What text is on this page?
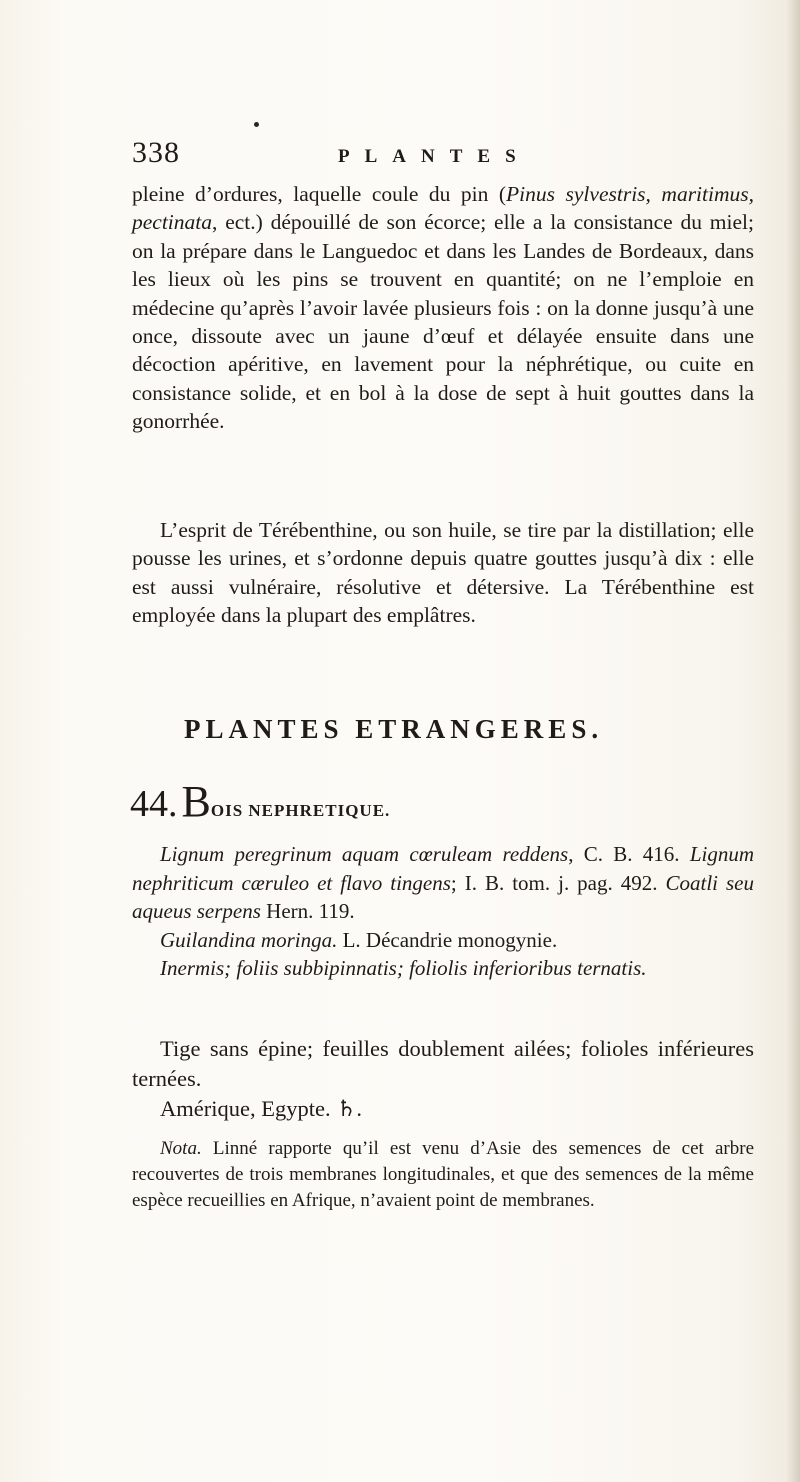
338	PLANTES

pleine d’ordures, laquelle coule du pin (Pinus sylvestris, maritimus, pectinata, ect.) dépouillé de son écorce; elle a la consistance du miel; on la prépare dans le Languedoc et dans les Landes de Bordeaux, dans les lieux où les pins se trouvent en quantité; on ne l’emploie en médecine qu’après l’avoir lavée plusieurs fois : on la donne jusqu’à une once, dissoute avec un jaune d’œuf et délayée ensuite dans une décoction apéritive, en lavement pour la néphrétique, ou cuite en consistance solide, et en bol à la dose de sept à huit gouttes dans la gonorrhée.

L’esprit de Térébenthine, ou son huile, se tire par la distillation; elle pousse les urines, et s’ordonne depuis quatre gouttes jusqu’à dix : elle est aussi vulnéraire, résolutive et détersive. La Térébenthine est employée dans la plupart des emplâtres.

PLANTES ETRANGERES.
44. BOIS NEPHRETIQUE.

Lignum peregrinum aquam cœruleam reddens, C. B. 416. Lignum nephriticum cæruleo et flavo tingens; I. B. tom. j. pag. 492. Coatli seu aqueus serpens Hern. 119.

Guilandina moringa. L. Décandrie monogynie.

Inermis; foliis subbipinnatis; foliolis inferioribus ternatis.

Tige sans épine; feuilles doublement ailées; folioles inférieures ternées.

Amérique, Egypte. ♄.

Nota. Linné rapporte qu’il est venu d’Asie des semences de cet arbre recouvertes de trois membranes longitudinales, et que des semences de la même espèce recueillies en Afrique, n’avaient point de membranes.
